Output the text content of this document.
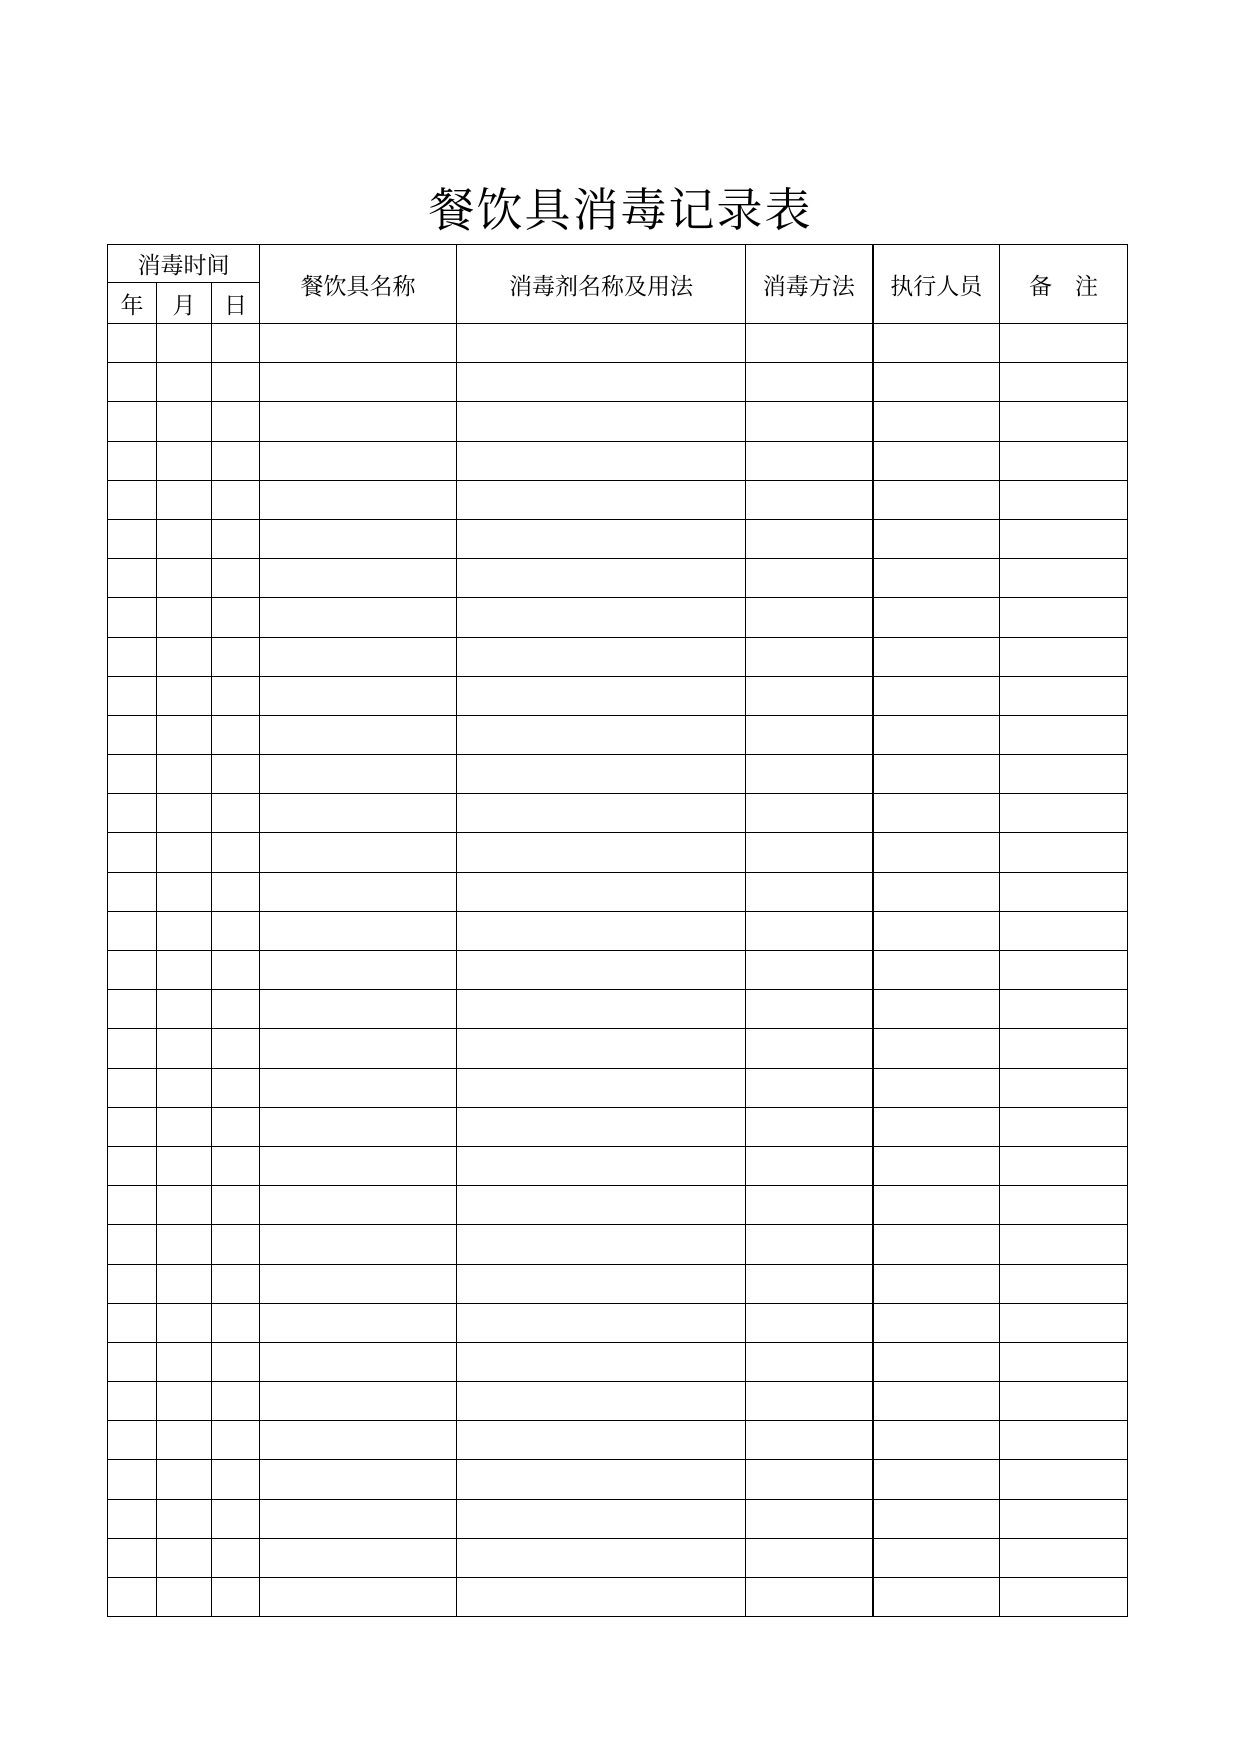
餐饮具消毒记录表
消毒时间			餐饮具名称	消毒剂名称及用法	消毒方法	执行人员	备　注
年	月	日					
